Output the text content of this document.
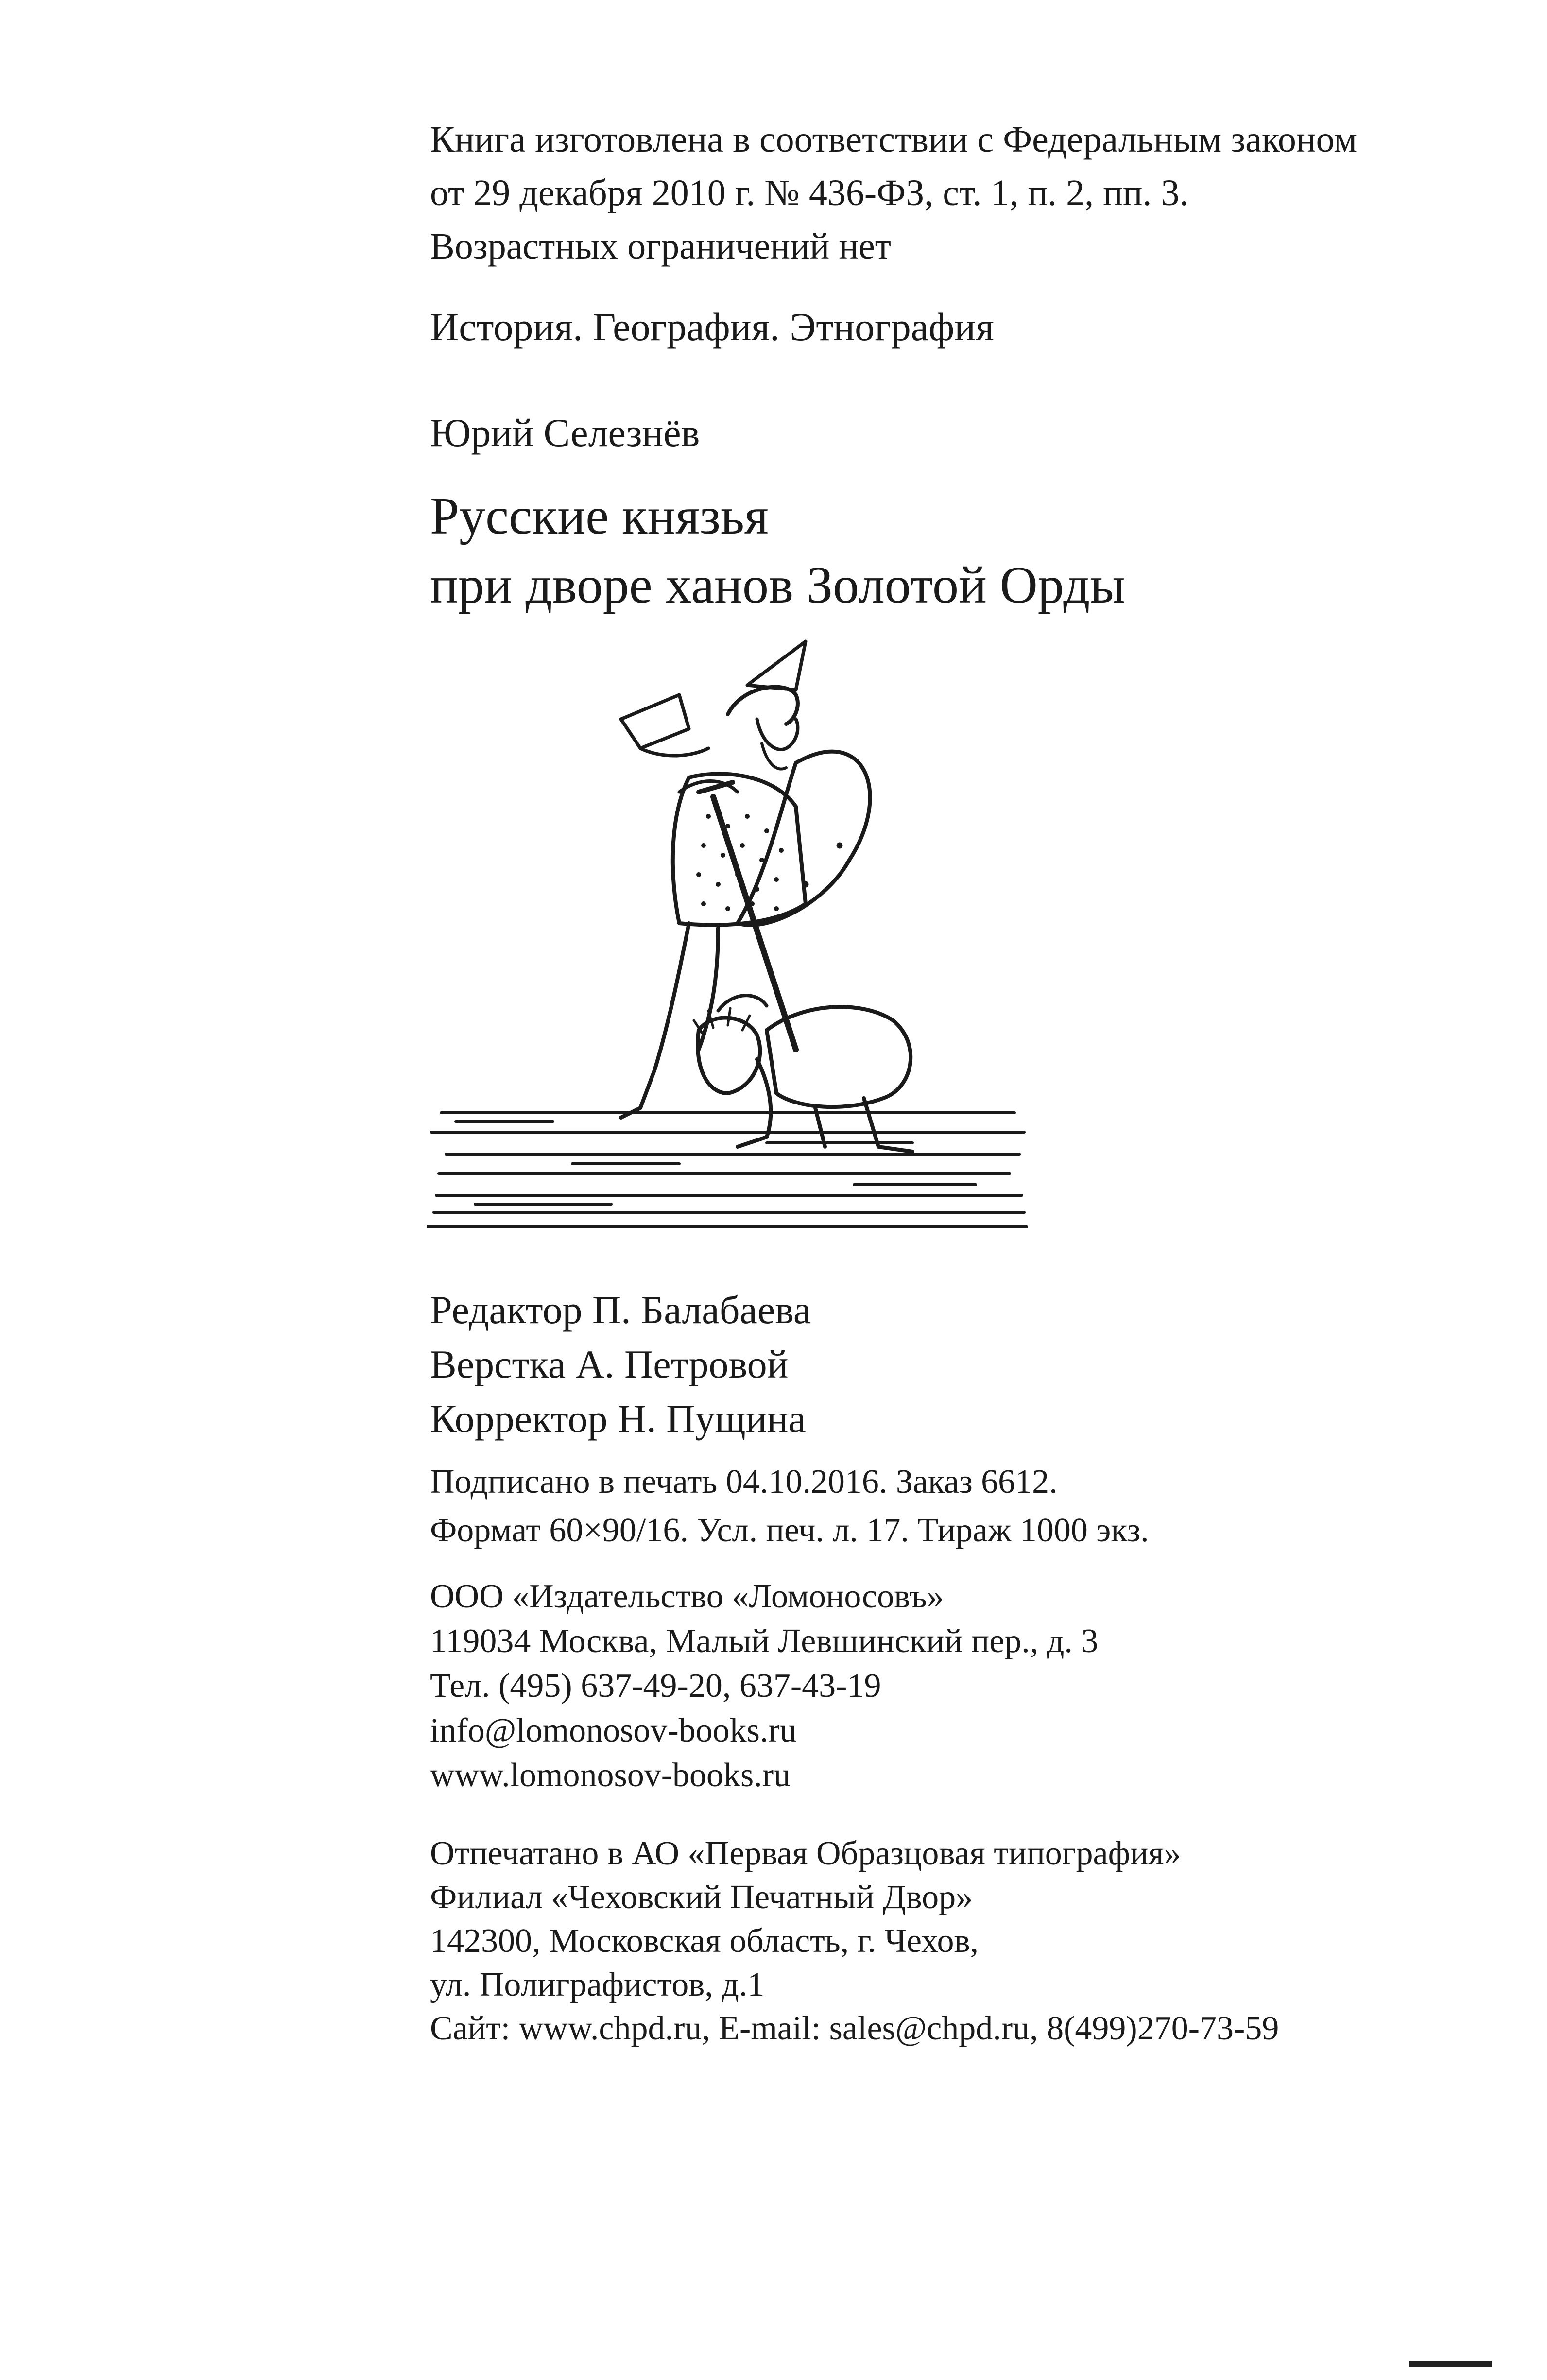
Книга изготовлена в соответствии с Федеральным законом
от 29 декабря 2010 г. № 436-ФЗ, ст. 1, п. 2, пп. 3.
Возрастных ограничений нет
История. География. Этнография
Юрий Селезнёв
Русские князья
при дворе ханов Золотой Орды
Редактор П. Балабаева
Верстка А. Петровой
Корректор Н. Пущина
Подписано в печать 04.10.2016. Заказ 6612.
Формат 60×90/16. Усл. печ. л. 17. Тираж 1000 экз.
ООО «Издательство «Ломоносовъ»
119034 Москва, Малый Левшинский пер., д. 3
Тел. (495) 637-49-20, 637-43-19
info@lomonosov-books.ru
www.lomonosov-books.ru
Отпечатано в АО «Первая Образцовая типография»
Филиал «Чеховский Печатный Двор»
142300, Московская область, г. Чехов,
ул. Полиграфистов, д.1
Сайт: www.chpd.ru, E-mail: sales@chpd.ru, 8(499)270-73-59
